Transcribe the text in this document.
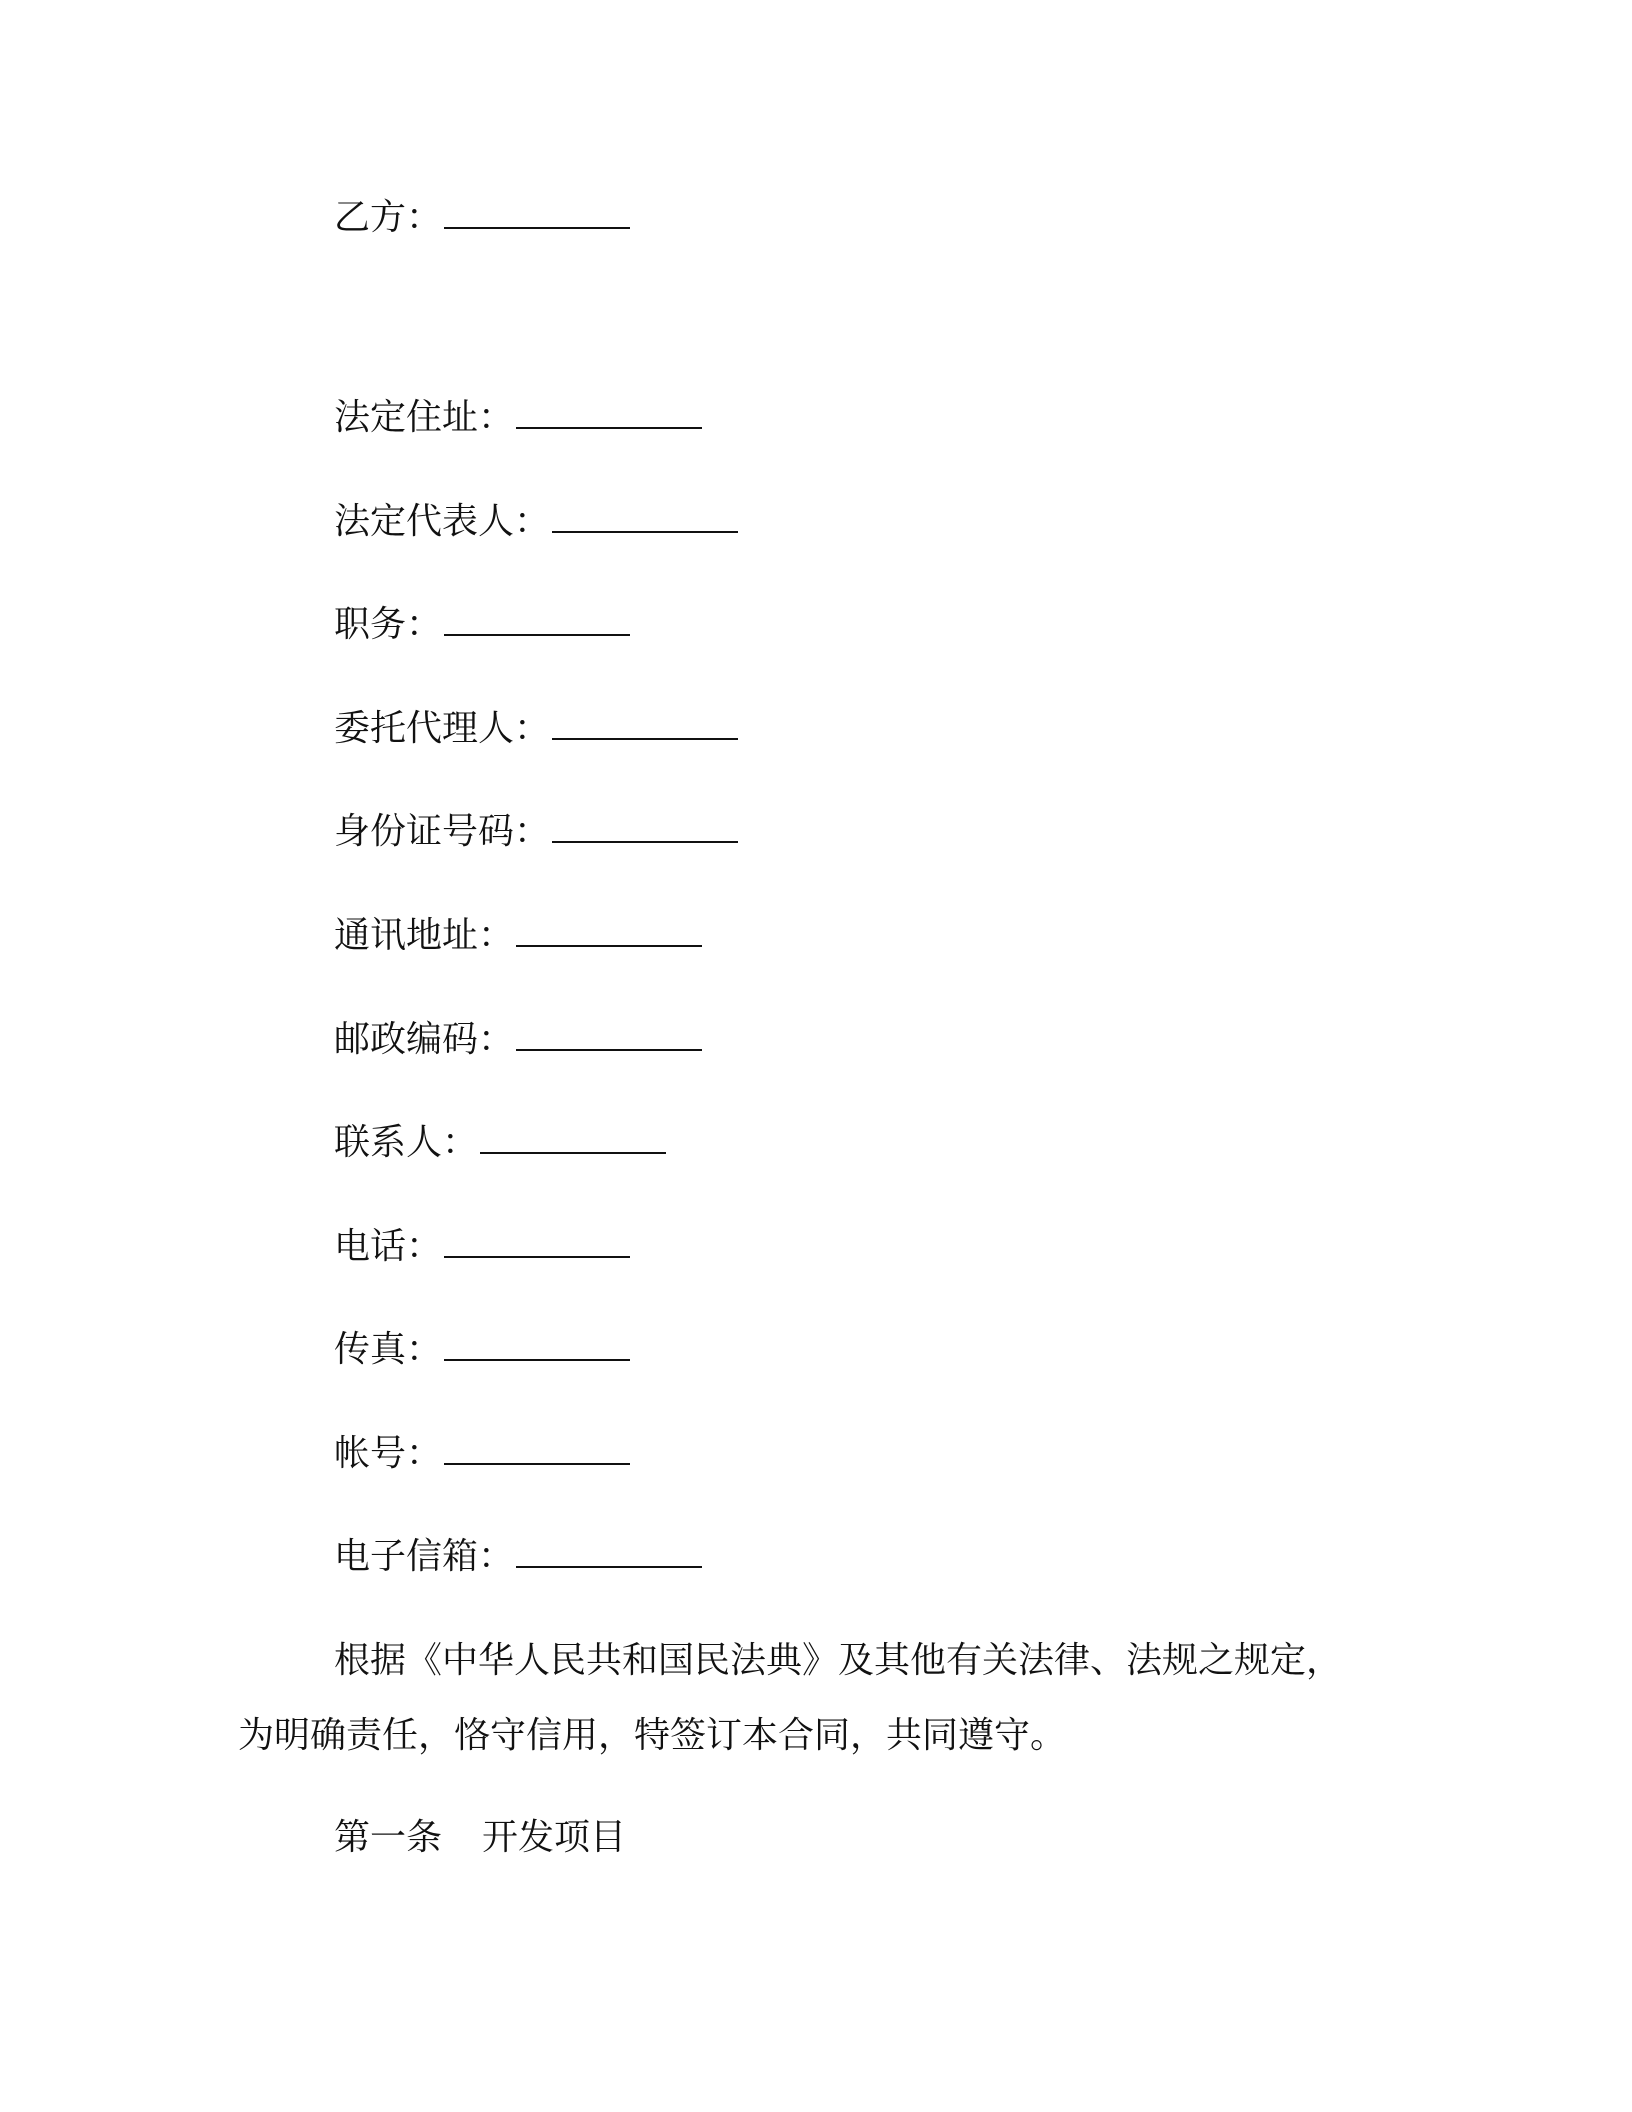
乙方：
法定住址：
法定代表人：
职务：
委托代理人：
身份证号码：
通讯地址：
邮政编码：
联系人：
电话：
传真：
帐号：
电子信箱：
根据《中华人民共和国民法典》及其他有关法律、法规之规定，
为明确责任，恪守信用，特签订本合同，共同遵守。
第一条 开发项目
